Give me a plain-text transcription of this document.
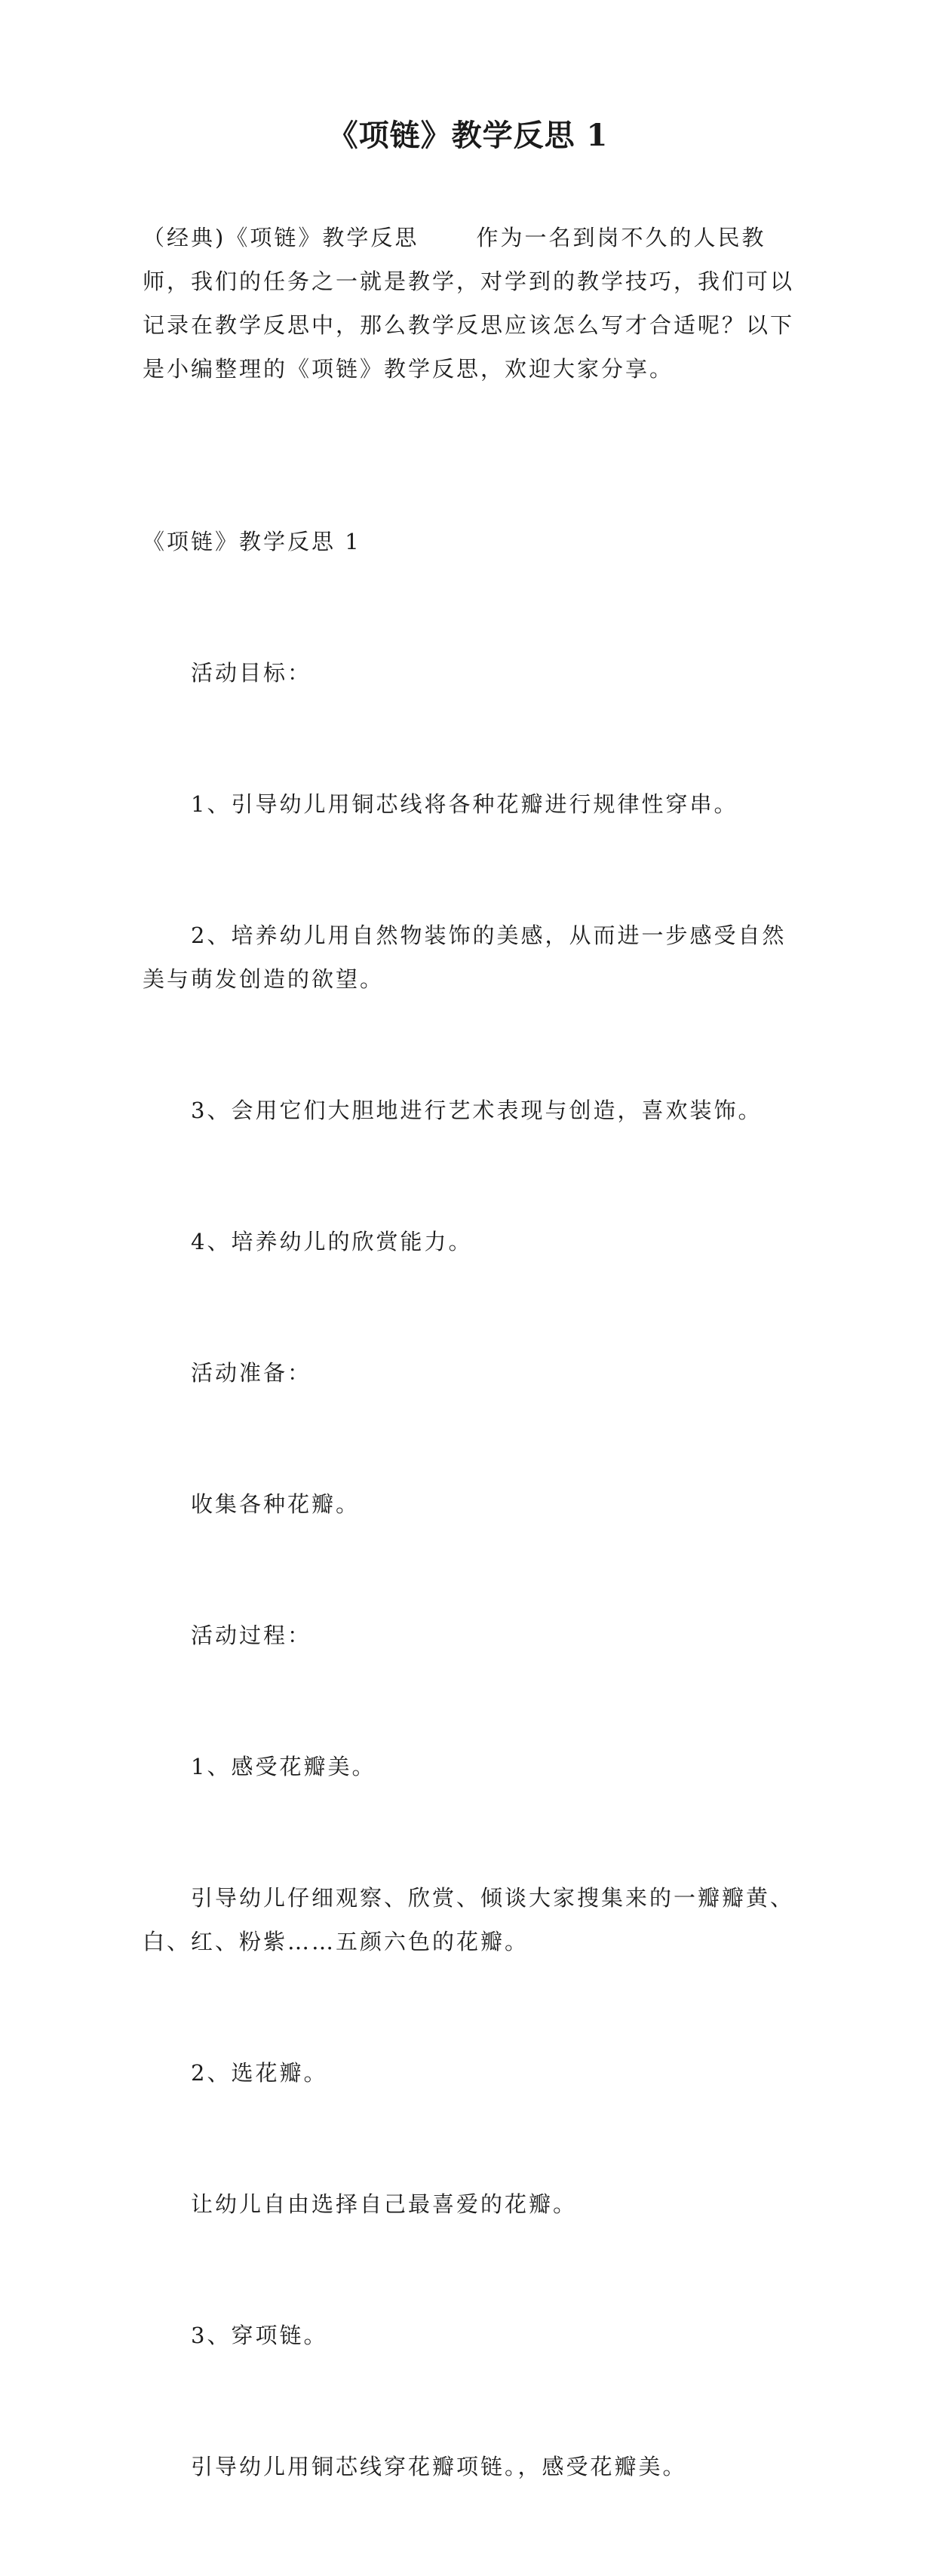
《项链》教学反思 1

（经典)《项链》教学反思　　 作为一名到岗不久的人民教师，我们的任务之一就是教学，对学到的教学技巧，我们可以记录在教学反思中，那么教学反思应该怎么写才合适呢？以下是小编整理的《项链》教学反思，欢迎大家分享。

《项链》教学反思 1

活动目标：

1、引导幼儿用铜芯线将各种花瓣进行规律性穿串。

2、培养幼儿用自然物装饰的美感，从而进一步感受自然美与萌发创造的欲望。

3、会用它们大胆地进行艺术表现与创造，喜欢装饰。

4、培养幼儿的欣赏能力。

活动准备：

收集各种花瓣。

活动过程：

1、感受花瓣美。

引导幼儿仔细观察、欣赏、倾谈大家搜集来的一瓣瓣黄、白、红、粉紫……五颜六色的花瓣。

2、选花瓣。

让幼儿自由选择自己最喜爱的花瓣。

3、穿项链。

引导幼儿用铜芯线穿花瓣项链。，感受花瓣美。
